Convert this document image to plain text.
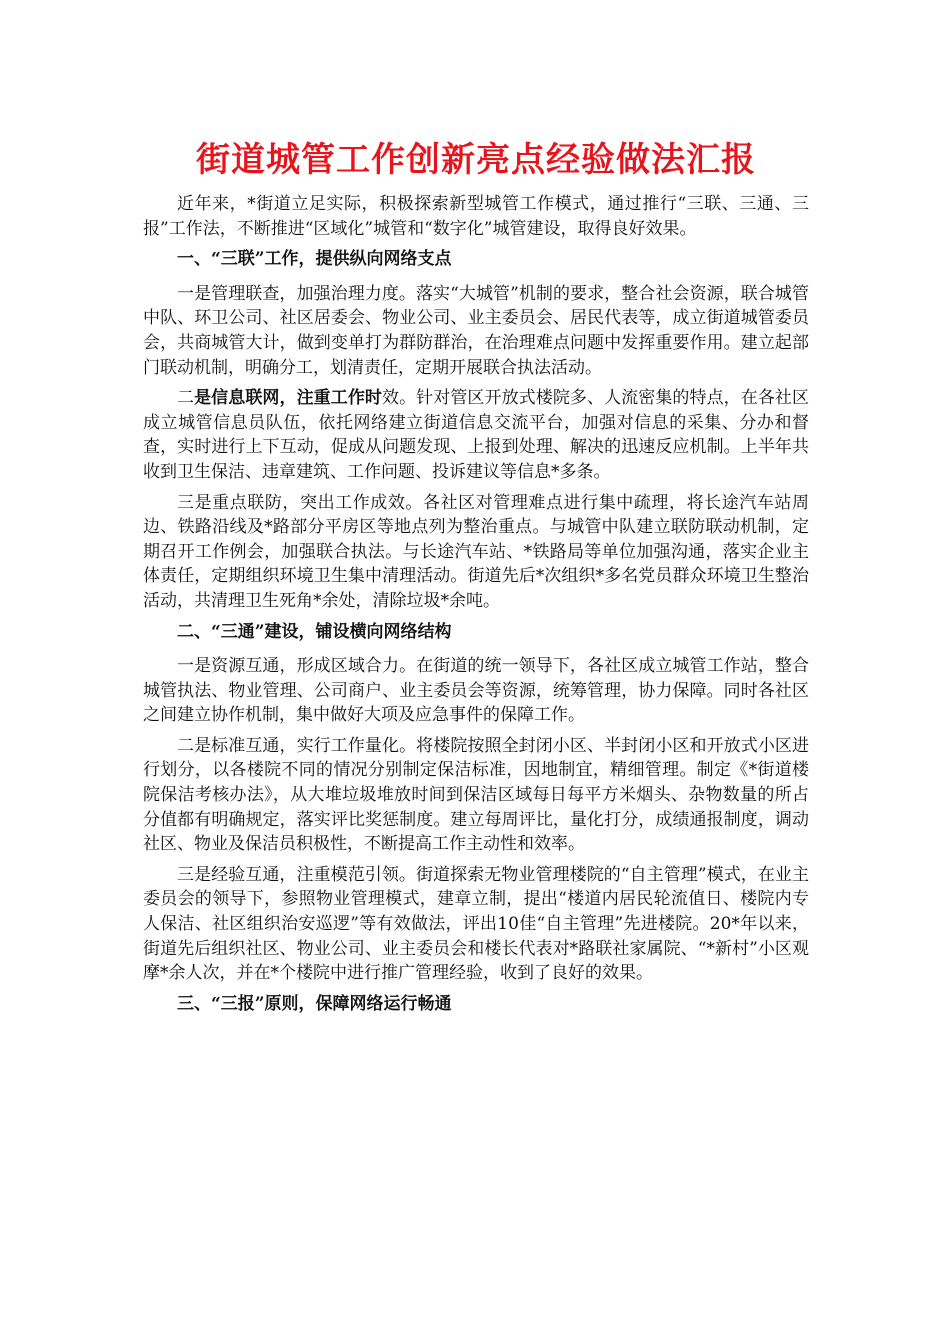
街道城管工作创新亮点经验做法汇报

近年来，*街道立足实际，积极探索新型城管工作模式，通过推行“三联、三通、三报”工作法，不断推进“区域化”城管和“数字化”城管建设，取得良好效果。

一、“三联”工作，提供纵向网络支点

一是管理联查，加强治理力度。落实“大城管”机制的要求，整合社会资源，联合城管中队、环卫公司、社区居委会、物业公司、业主委员会、居民代表等，成立街道城管委员会，共商城管大计，做到变单打为群防群治，在治理难点问题中发挥重要作用。建立起部门联动机制，明确分工，划清责任，定期开展联合执法活动。

二是信息联网，注重工作时效。针对管区开放式楼院多、人流密集的特点，在各社区成立城管信息员队伍，依托网络建立街道信息交流平台，加强对信息的采集、分办和督查，实时进行上下互动，促成从问题发现、上报到处理、解决的迅速反应机制。上半年共收到卫生保洁、违章建筑、工作问题、投诉建议等信息*多条。

三是重点联防，突出工作成效。各社区对管理难点进行集中疏理，将长途汽车站周边、铁路沿线及*路部分平房区等地点列为整治重点。与城管中队建立联防联动机制，定期召开工作例会，加强联合执法。与长途汽车站、*铁路局等单位加强沟通，落实企业主体责任，定期组织环境卫生集中清理活动。街道先后*次组织*多名党员群众环境卫生整治活动，共清理卫生死角*余处，清除垃圾*余吨。

二、“三通”建设，铺设横向网络结构

一是资源互通，形成区域合力。在街道的统一领导下，各社区成立城管工作站，整合城管执法、物业管理、公司商户、业主委员会等资源，统筹管理，协力保障。同时各社区之间建立协作机制，集中做好大项及应急事件的保障工作。

二是标准互通，实行工作量化。将楼院按照全封闭小区、半封闭小区和开放式小区进行划分，以各楼院不同的情况分别制定保洁标准，因地制宜，精细管理。制定《*街道楼院保洁考核办法》，从大堆垃圾堆放时间到保洁区域每日每平方米烟头、杂物数量的所占分值都有明确规定，落实评比奖惩制度。建立每周评比，量化打分，成绩通报制度，调动社区、物业及保洁员积极性，不断提高工作主动性和效率。

三是经验互通，注重模范引领。街道探索无物业管理楼院的“自主管理”模式，在业主委员会的领导下，参照物业管理模式，建章立制，提出“楼道内居民轮流值日、楼院内专人保洁、社区组织治安巡逻”等有效做法，评出10佳“自主管理”先进楼院。20*年以来，街道先后组织社区、物业公司、业主委员会和楼长代表对*路联社家属院、“*新村”小区观摩*余人次，并在*个楼院中进行推广管理经验，收到了良好的效果。

三、“三报”原则，保障网络运行畅通
